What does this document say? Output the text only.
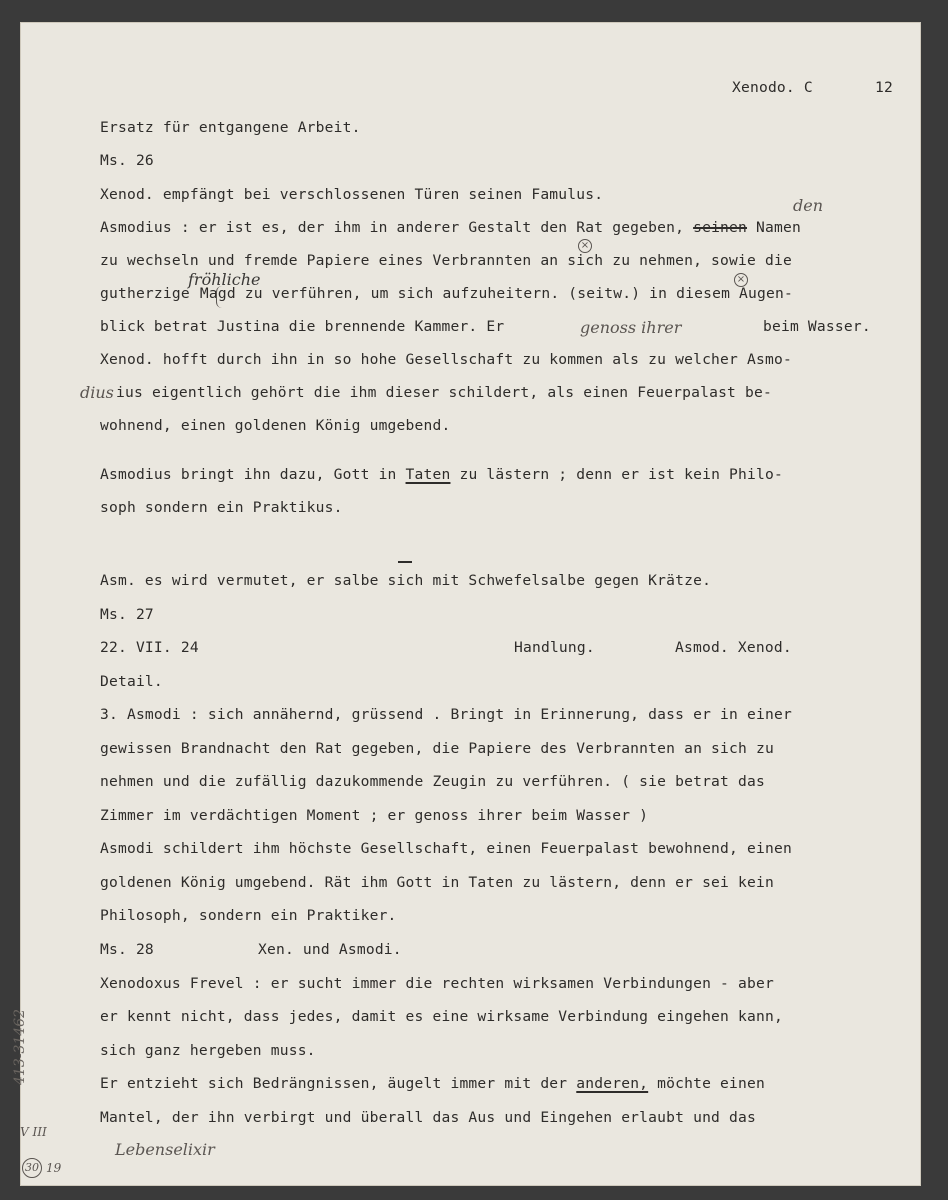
Xenodo. C	12
Ersatz für entgangene Arbeit.
Ms. 26
Xenod. empfängt bei verschlossenen Türen seinen Famulus.
Asmodius : er ist es, der ihm in anderer Gestalt den Rat gegeben, seinen Namen
den
zu wechseln und fremde Papiere eines Verbrannten an sich zu nehmen, sowie die
×
gutherzige Magd zu verführen, um sich aufzuheitern. (seitw.) in diesem Augen-
fröhliche	×
blick betrat Justina die brennende Kammer. Er	genoss ihrer	beim Wasser.
Xenod. hofft durch ihn in so hohe Gesellschaft zu kommen als zu welcher Asmo-
dius ius eigentlich gehört die ihm dieser schildert, als einen Feuerpalast be-
wohnend, einen goldenen König umgebend.
Asmodius bringt ihn dazu, Gott in Taten zu lästern ; denn er ist kein Philo-
soph sondern ein Praktikus.
Asm. es wird vermutet, er salbe sich mit Schwefelsalbe gegen Krätze.
Ms. 27
22. VII. 24	Handlung.	Asmod. Xenod.
Detail.
3. Asmodi : sich annähernd, grüssend . Bringt in Erinnerung, dass er in einer
gewissen Brandnacht den Rat gegeben, die Papiere des Verbrannten an sich zu
nehmen und die zufällig dazukommende Zeugin zu verführen. ( sie betrat das
Zimmer im verdächtigen Moment ; er genoss ihrer beim Wasser )
Asmodi schildert ihm höchste Gesellschaft, einen Feuerpalast bewohnend, einen
goldenen König umgebend. Rät ihm Gott in Taten zu lästern, denn er sei kein
Philosoph, sondern ein Praktiker.
Ms. 28	Xen. und Asmodi.
Xenodoxus Frevel : er sucht immer die rechten wirksamen Verbindungen - aber
er kennt nicht, dass jedes, damit es eine wirksame Verbindung eingehen kann,
sich ganz hergeben muss.
Er entzieht sich Bedrängnissen, äugelt immer mit der anderen, möchte einen
Mantel, der ihn verbirgt und überall das Aus und Eingehen erlaubt und das
Lebenselixir
413-31462
V III
30 19
